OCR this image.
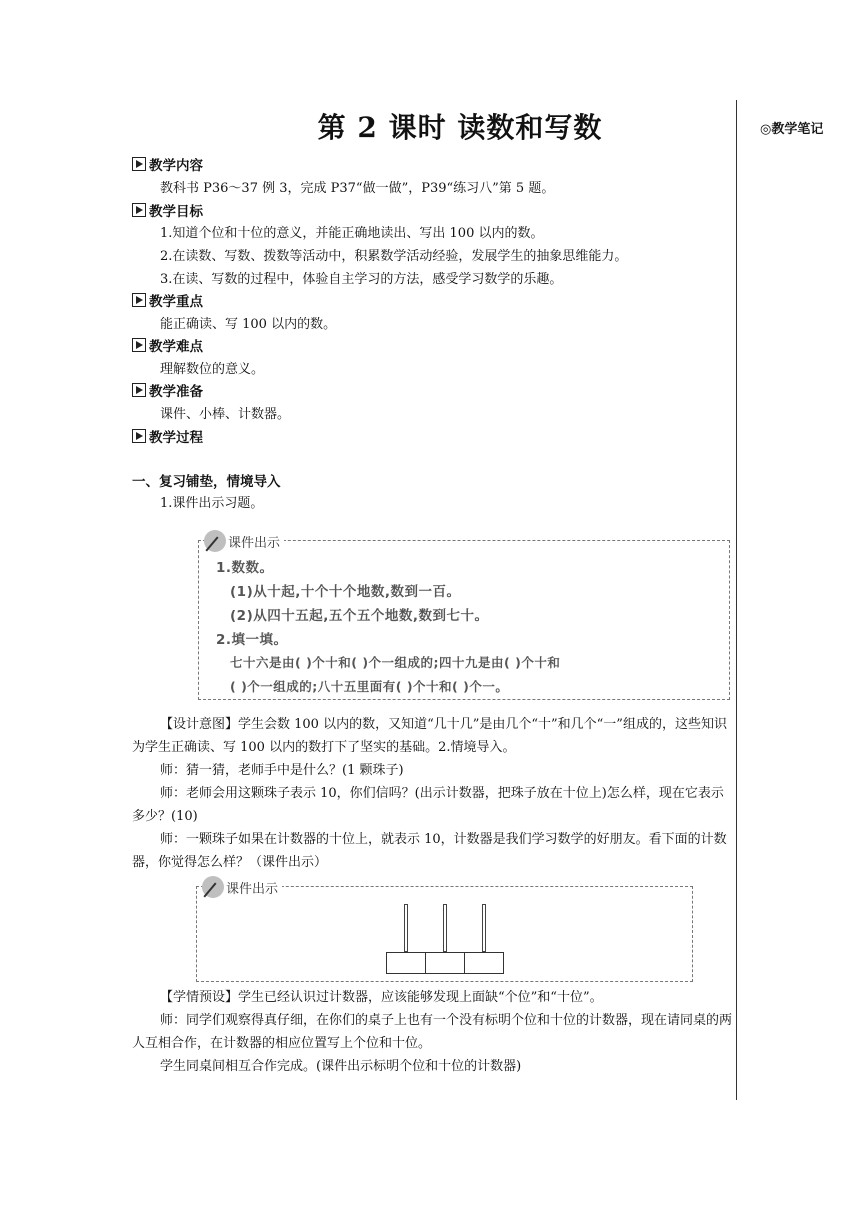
◎教学笔记
第 2 课时 读数和写数
教学内容
教科书 P36～37 例 3，完成 P37“做一做”，P39“练习八”第 5 题。
教学目标
1.知道个位和十位的意义，并能正确地读出、写出 100 以内的数。
2.在读数、写数、拨数等活动中，积累数学活动经验，发展学生的抽象思维能力。
3.在读、写数的过程中，体验自主学习的方法，感受学习数学的乐趣。
教学重点
能正确读、写 100 以内的数。
教学难点
理解数位的意义。
教学准备
课件、小棒、计数器。
教学过程
一、复习铺垫，情境导入
1.课件出示习题。
课件出示
1.数数。
(1)从十起,十个十个地数,数到一百。
(2)从四十五起,五个五个地数,数到七十。
2.填一填。
七十六是由( )个十和( )个一组成的;四十九是由( )个十和
( )个一组成的;八十五里面有( )个十和( )个一。
【设计意图】学生会数 100 以内的数，又知道“几十几”是由几个“十”和几个“一”组成的，这些知识为学生正确读、写 100 以内的数打下了坚实的基础。2.情境导入。
师：猜一猜，老师手中是什么？(1 颗珠子)
师：老师会用这颗珠子表示 10，你们信吗？(出示计数器，把珠子放在十位上)怎么样，现在它表示多少？(10)
师：一颗珠子如果在计数器的十位上，就表示 10，计数器是我们学习数学的好朋友。看下面的计数器，你觉得怎么样？（课件出示）
课件出示
【学情预设】学生已经认识过计数器，应该能够发现上面缺“个位”和“十位”。
师：同学们观察得真仔细，在你们的桌子上也有一个没有标明个位和十位的计数器，现在请同桌的两人互相合作，在计数器的相应位置写上个位和十位。
学生同桌间相互合作完成。(课件出示标明个位和十位的计数器)
